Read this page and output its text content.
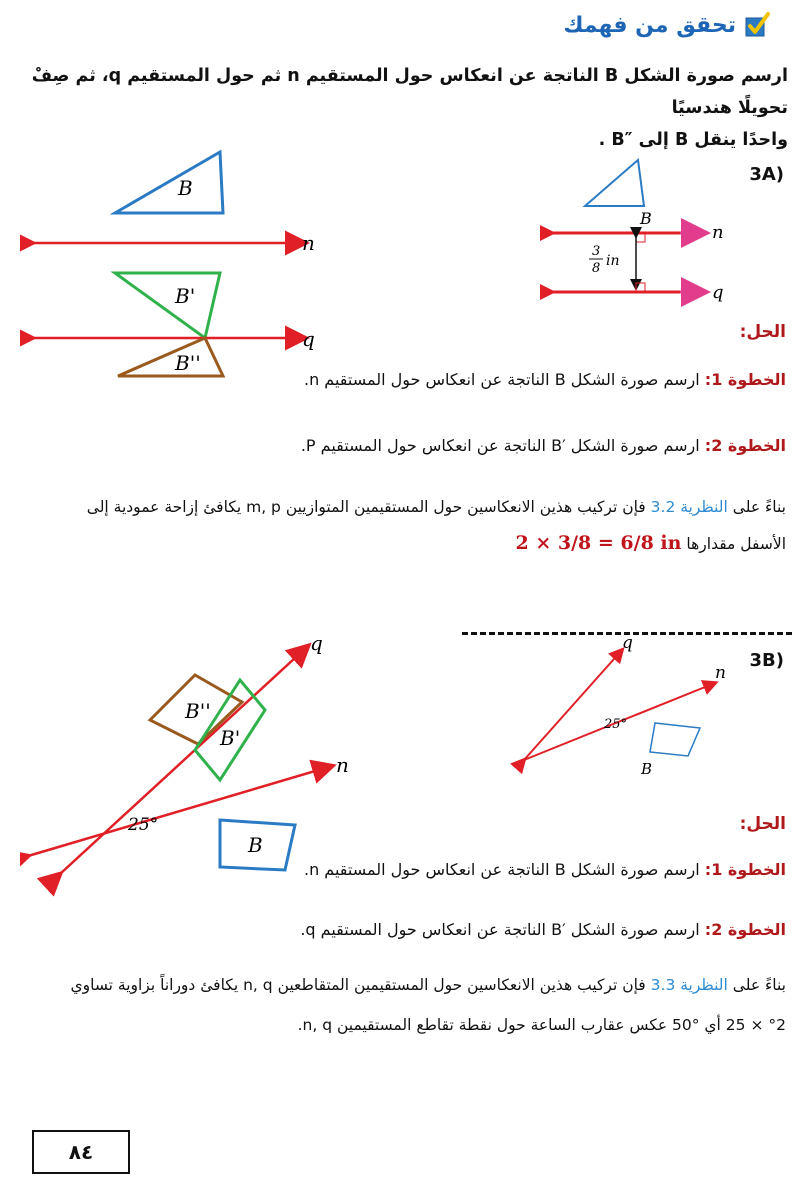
تحقق من فهمك
ارسم صورة الشكل B الناتجة عن انعكاس حول المستقيم n ثم حول المستقيم q، ثم صِفْ تحويلًا هندسيًا
واحدًا ينقل B إلى ″B .
3A)
B
n
B'
q
B''
B
n
3
8 in
q
الحل:
الخطوة 1: ارسم صورة الشكل B الناتجة عن انعكاس حول المستقيم n.
الخطوة 2: ارسم صورة الشكل ′B الناتجة عن انعكاس حول المستقيم P.
بناءً على النظرية 3.2 فإن تركيب هذين الانعكاسين حول المستقيمين المتوازيين m, p يكافئ إزاحة عمودية إلى
الأسفل مقدارها 2 × 3/8 = 6/8 in
3B)
q
n
25°
B''
B'
B
q
n
25°
B
الحل:
الخطوة 1: ارسم صورة الشكل B الناتجة عن انعكاس حول المستقيم n.
الخطوة 2: ارسم صورة الشكل ′B الناتجة عن انعكاس حول المستقيم q.
بناءً على النظرية 3.3 فإن تركيب هذين الانعكاسين حول المستقيمين المتقاطعين n, q يكافئ دوراناً بزاوية تساوي
°2 × 25 أي °50 عكس عقارب الساعة حول نقطة تقاطع المستقيمين n, q.
٨٤
